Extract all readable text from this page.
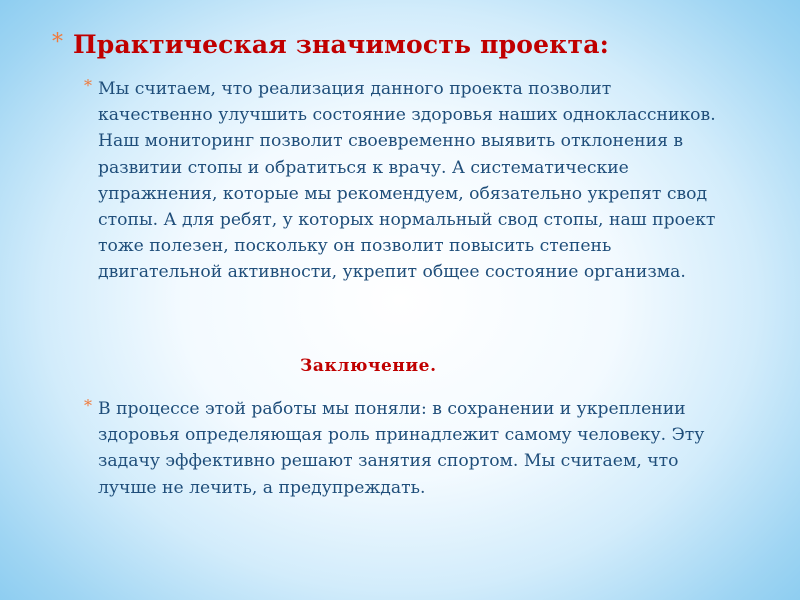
* Практическая значимость проекта:
* Мы считаем, что реализация данного проекта позволит качественно улучшить состояние здоровья наших одноклассников. Наш мониторинг позволит своевременно выявить отклонения в развитии стопы и обратиться к врачу. А систематические упражнения, которые мы рекомендуем, обязательно укрепят свод стопы. А для ребят, у которых нормальный свод стопы, наш проект тоже полезен, поскольку он позволит повысить степень двигательной активности, укрепит общее состояние организма.

Заключение.
* В процессе этой работы мы поняли: в сохранении и укреплении здоровья определяющая роль принадлежит самому человеку. Эту задачу эффективно решают занятия спортом. Мы считаем, что лучше не лечить, а предупреждать.
